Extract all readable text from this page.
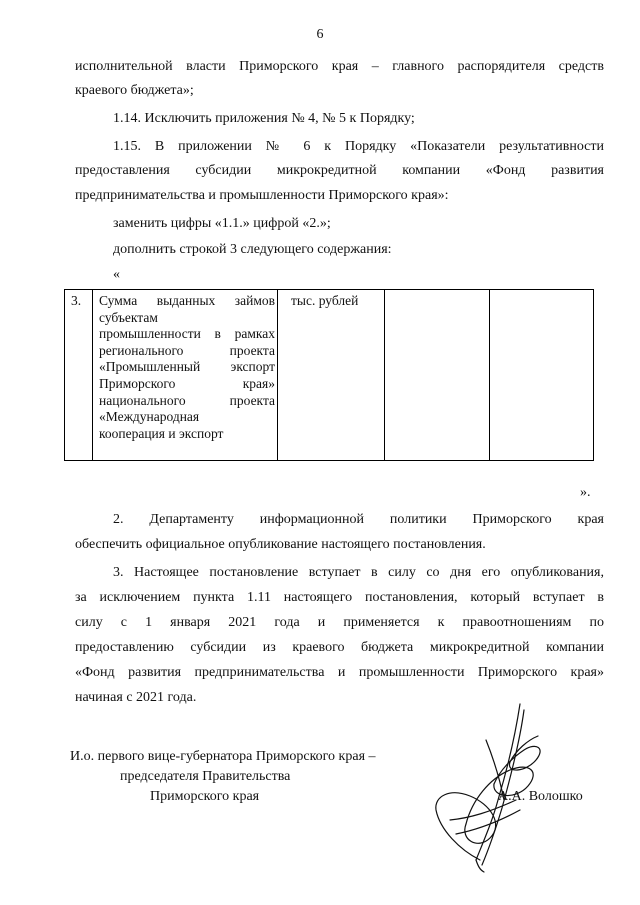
6
исполнительной власти Приморского края – главного распорядителя средств
краевого бюджета»;
1.14. Исключить приложения № 4, № 5 к Порядку;
1.15. В приложении № 6 к Порядку «Показатели результативности
предоставления субсидии микрокредитной компании «Фонд развития
предпринимательства и промышленности Приморского края»:
заменить цифры «1.1.» цифрой «2.»;
дополнить строкой 3 следующего содержания:
«
3. Сумма выданных займов
субъектам
промышленности в рамках
регионального проекта
«Промышленный экспорт
Приморского края»
национального проекта
«Международная
кооперация и экспорт
тыс. рублей
».
2. Департаменту информационной политики Приморского края
обеспечить официальное опубликование настоящего постановления.
3. Настоящее постановление вступает в силу со дня его опубликования,
за исключением пункта 1.11 настоящего постановления, который вступает в
силу с 1 января 2021 года и применяется к правоотношениям по
предоставлению субсидии из краевого бюджета микрокредитной компании
«Фонд развития предпринимательства и промышленности Приморского края»
начиная с 2021 года.
И.о. первого вице-губернатора Приморского края –
председателя Правительства
Приморского края	А.А. Волошко
